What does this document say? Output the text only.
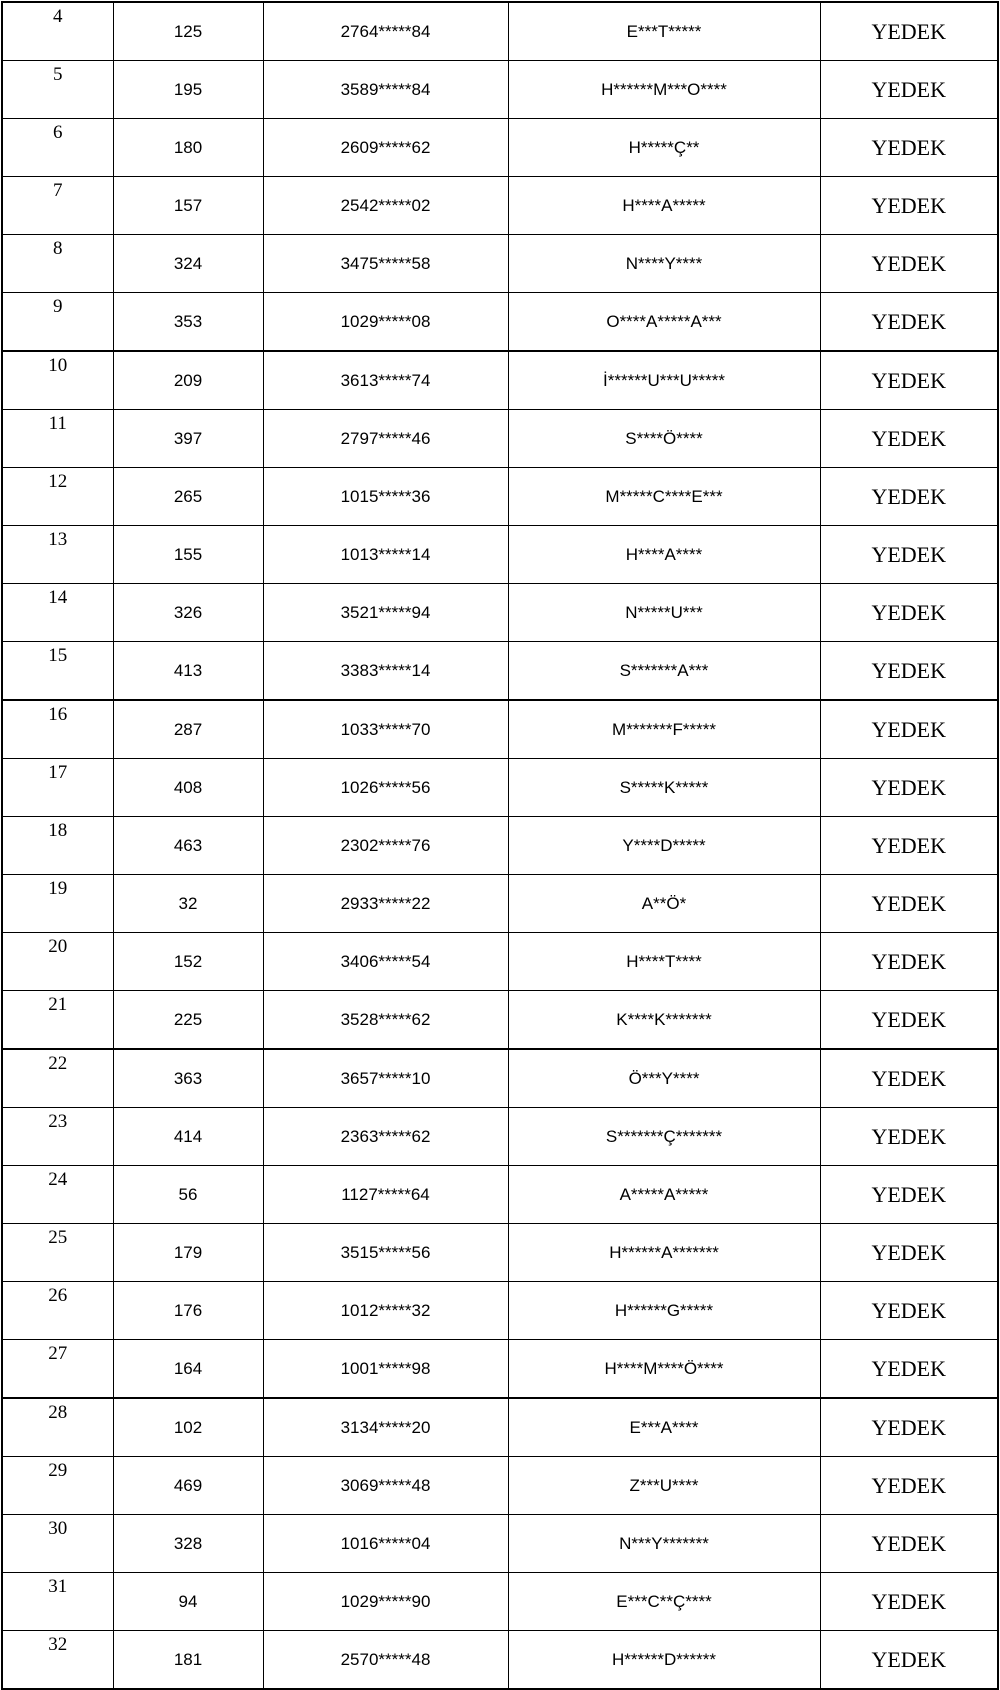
4	125	2764*****84	E***T*****	YEDEK
5	195	3589*****84	H******M***O****	YEDEK
6	180	2609*****62	H*****Ç**	YEDEK
7	157	2542*****02	H****A*****	YEDEK
8	324	3475*****58	N****Y****	YEDEK
9	353	1029*****08	O****A*****A***	YEDEK
10	209	3613*****74	İ******U***U*****	YEDEK
11	397	2797*****46	S****Ö****	YEDEK
12	265	1015*****36	M*****C****E***	YEDEK
13	155	1013*****14	H****A****	YEDEK
14	326	3521*****94	N*****U***	YEDEK
15	413	3383*****14	S*******A***	YEDEK
16	287	1033*****70	M*******F*****	YEDEK
17	408	1026*****56	S*****K*****	YEDEK
18	463	2302*****76	Y****D*****	YEDEK
19	32	2933*****22	A**Ö*	YEDEK
20	152	3406*****54	H****T****	YEDEK
21	225	3528*****62	K****K*******	YEDEK
22	363	3657*****10	Ö***Y****	YEDEK
23	414	2363*****62	S*******Ç*******	YEDEK
24	56	1127*****64	A*****A*****	YEDEK
25	179	3515*****56	H******A*******	YEDEK
26	176	1012*****32	H******G*****	YEDEK
27	164	1001*****98	H****M****Ö****	YEDEK
28	102	3134*****20	E***A****	YEDEK
29	469	3069*****48	Z***U****	YEDEK
30	328	1016*****04	N***Y*******	YEDEK
31	94	1029*****90	E***C**Ç****	YEDEK
32	181	2570*****48	H******D******	YEDEK
